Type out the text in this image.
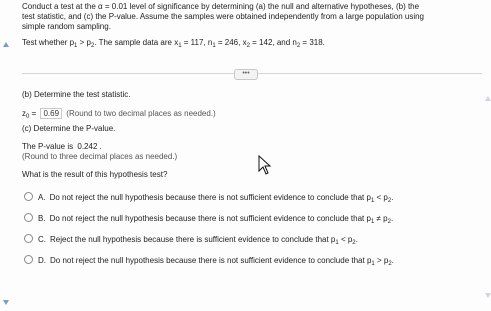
Conduct a test at the α = 0.01 level of significance by determining (a) the null and alternative hypotheses, (b) the
test statistic, and (c) the P-value. Assume the samples were obtained independently from a large population using
simple random sampling.
Test whether $p_1 > p_2$. The sample data are $x_1 = 117$, $n_1 = 246$, $x_2 = 142$, and $n_2 = 318$.
•••
(b) Determine the test statistic.
$z_0 = 0.69$ (Round to two decimal places as needed.)
(c) Determine the P-value.
The P-value is 0.242 .
(Round to three decimal places as needed.)
What is the result of this hypothesis test?
A. Do not reject the null hypothesis because there is not sufficient evidence to conclude that $p_1 < p_2$.
B. Do not reject the null hypothesis because there is not sufficient evidence to conclude that $p_1 \ne p_2$.
C. Reject the null hypothesis because there is sufficient evidence to conclude that $p_1 < p_2$.
D. Do not reject the null hypothesis because there is not sufficient evidence to conclude that $p_1 > p_2$.
